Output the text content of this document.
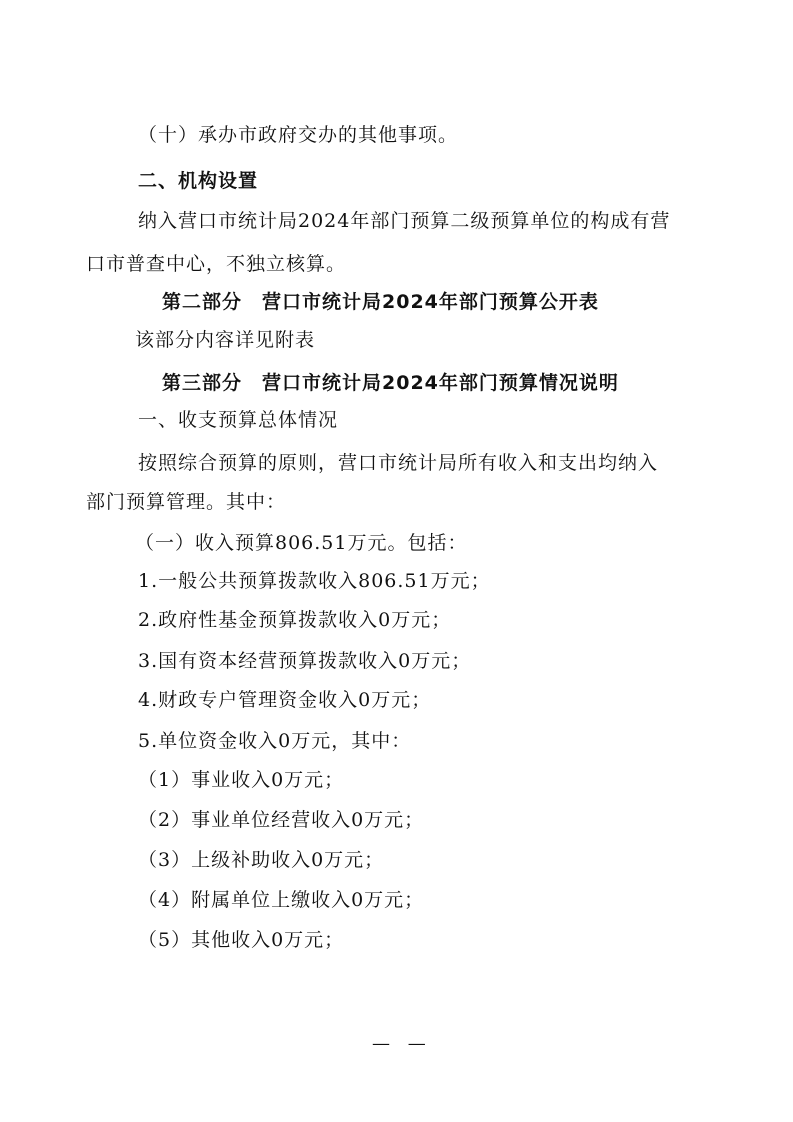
（十）承办市政府交办的其他事项。
二、机构设置
纳入营口市统计局2024年部门预算二级预算单位的构成有营
口市普查中心，不独立核算。
第二部分　营口市统计局2024年部门预算公开表
该部分内容详见附表
第三部分　营口市统计局2024年部门预算情况说明
一、收支预算总体情况
按照综合预算的原则，营口市统计局所有收入和支出均纳入
部门预算管理。其中：
（一）收入预算806.51万元。包括：
1.一般公共预算拨款收入806.51万元；
2.政府性基金预算拨款收入0万元；
3.国有资本经营预算拨款收入0万元；
4.财政专户管理资金收入0万元；
5.单位资金收入0万元，其中：
（1）事业收入0万元；
（2）事业单位经营收入0万元；
（3）上级补助收入0万元；
（4）附属单位上缴收入0万元；
（5）其他收入0万元；
— —
